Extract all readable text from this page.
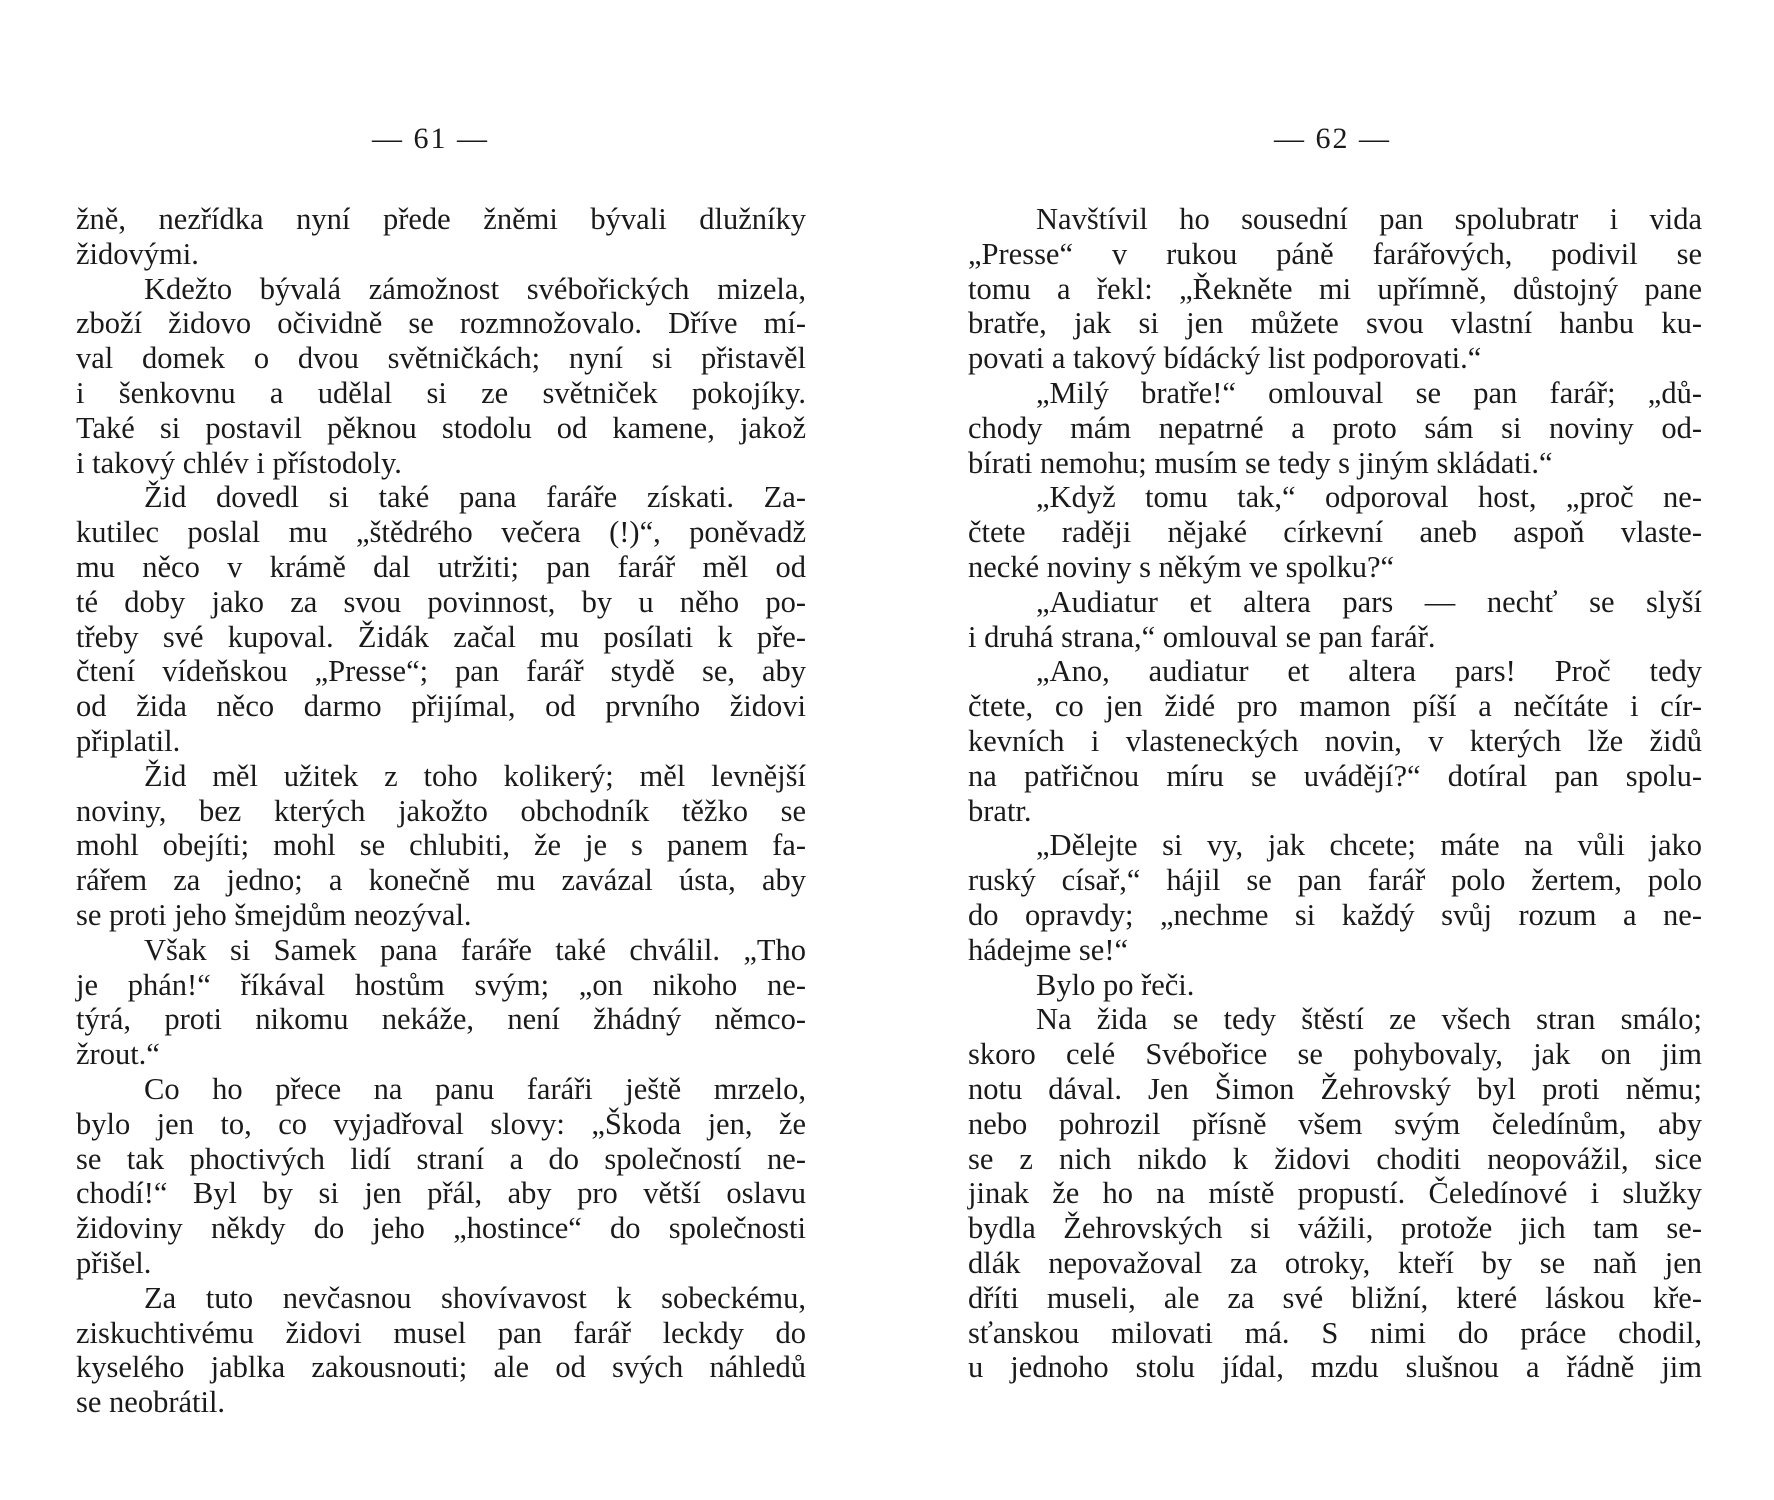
— 61 —
žně, nezřídka nyní přede žněmi bývali dlužníky
židovými.
Kdežto bývalá zámožnost svébořických mizela,
zboží židovo očividně se rozmnožovalo. Dříve mí-
val domek o dvou světničkách; nyní si přistavěl
i šenkovnu a udělal si ze světniček pokojíky.
Také si postavil pěknou stodolu od kamene, jakož
i takový chlév i přístodoly.
Žid dovedl si také pana faráře získati. Za-
kutilec poslal mu „štědrého večera (!)“, poněvadž
mu něco v krámě dal utržiti; pan farář měl od
té doby jako za svou povinnost, by u něho po-
třeby své kupoval. Židák začal mu posílati k pře-
čtení vídeňskou „Presse“; pan farář stydě se, aby
od žida něco darmo přijímal, od prvního židovi
připlatil.
Žid měl užitek z toho kolikerý; měl levnější
noviny, bez kterých jakožto obchodník těžko se
mohl obejíti; mohl se chlubiti, že je s panem fa-
rářem za jedno; a konečně mu zavázal ústa, aby
se proti jeho šmejdům neozýval.
Však si Samek pana faráře také chválil. „Tho
je phán!“ říkával hostům svým; „on nikoho ne-
týrá, proti nikomu nekáže, není žhádný němco-
žrout.“
Co ho přece na panu faráři ještě mrzelo,
bylo jen to, co vyjadřoval slovy: „Škoda jen, že
se tak phoctivých lidí straní a do společností ne-
chodí!“ Byl by si jen přál, aby pro větší oslavu
židoviny někdy do jeho „hostince“ do společnosti
přišel.
Za tuto nevčasnou shovívavost k sobeckému,
ziskuchtivému židovi musel pan farář leckdy do
kyselého jablka zakousnouti; ale od svých náhledů
se neobrátil.
— 62 —
Navštívil ho sousední pan spolubratr i vida
„Presse“ v rukou páně farářových, podivil se
tomu a řekl: „Řekněte mi upřímně, důstojný pane
bratře, jak si jen můžete svou vlastní hanbu ku-
povati a takový bídácký list podporovati.“
„Milý bratře!“ omlouval se pan farář; „dů-
chody mám nepatrné a proto sám si noviny od-
bírati nemohu; musím se tedy s jiným skládati.“
„Když tomu tak,“ odporoval host, „proč ne-
čtete raději nějaké církevní aneb aspoň vlaste-
necké noviny s někým ve spolku?“
„Audiatur et altera pars — nechť se slyší
i druhá strana,“ omlouval se pan farář.
„Ano, audiatur et altera pars! Proč tedy
čtete, co jen židé pro mamon píší a nečítáte i cír-
kevních i vlasteneckých novin, v kterých lže židů
na patřičnou míru se uvádějí?“ dotíral pan spolu-
bratr.
„Dělejte si vy, jak chcete; máte na vůli jako
ruský císař,“ hájil se pan farář polo žertem, polo
do opravdy; „nechme si každý svůj rozum a ne-
hádejme se!“
Bylo po řeči.
Na žida se tedy štěstí ze všech stran smálo;
skoro celé Svébořice se pohybovaly, jak on jim
notu dával. Jen Šimon Žehrovský byl proti němu;
nebo pohrozil přísně všem svým čeledínům, aby
se z nich nikdo k židovi choditi neopovážil, sice
jinak že ho na místě propustí. Čeledínové i služky
bydla Žehrovských si vážili, protože jich tam se-
dlák nepovažoval za otroky, kteří by se naň jen
dříti museli, ale za své bližní, které láskou kře-
sťanskou milovati má. S nimi do práce chodil,
u jednoho stolu jídal, mzdu slušnou a řádně jim
